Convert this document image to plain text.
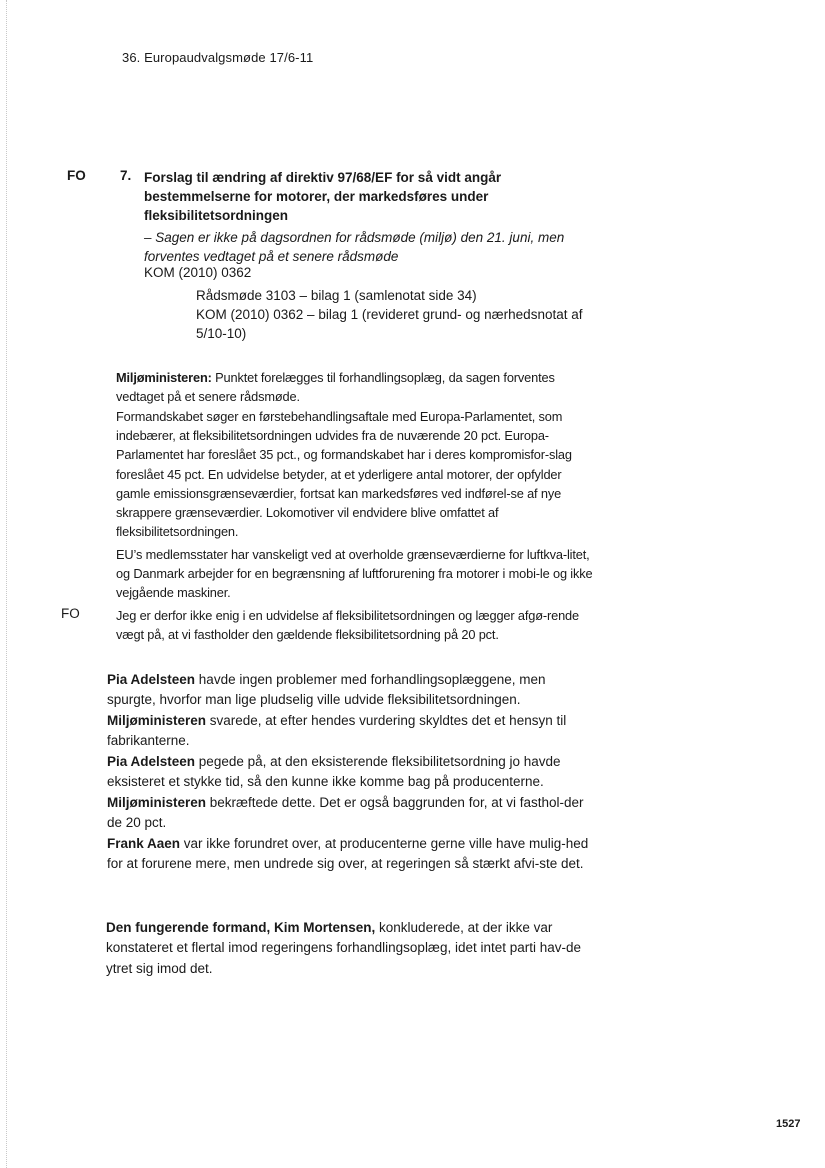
36. Europaudvalgsmøde 17/6-11
FO	7. Forslag til ændring af direktiv 97/68/EF for så vidt angår bestemmelserne for motorer, der markedsføres under fleksibilitetsordningen
– Sagen er ikke på dagsordnen for rådsmøde (miljø) den 21. juni, men forventes vedtaget på et senere rådsmøde
KOM (2010) 0362
Rådsmøde 3103 – bilag 1 (samlenotat side 34)
KOM (2010) 0362 – bilag 1 (revideret grund- og nærhedsnotat af 5/10-10)
Miljøministeren: Punktet forelægges til forhandlingsoplæg, da sagen forventes vedtaget på et senere rådsmøde.
Formandskabet søger en førstebehandlingsaftale med Europa-Parlamentet, som indebærer, at fleksibilitetsordningen udvides fra de nuværende 20 pct. Europa-Parlamentet har foreslået 35 pct., og formandskabet har i deres kompromisfor-slag foreslået 45 pct. En udvidelse betyder, at et yderligere antal motorer, der opfylder gamle emissionsgrænseværdier, fortsat kan markedsføres ved indførel-se af nye skrappere grænseværdier. Lokomotiver vil endvidere blive omfattet af fleksibilitetsordningen.
EU’s medlemsstater har vanskeligt ved at overholde grænseværdierne for luftkva-litet, og Danmark arbejder for en begrænsning af luftforurening fra motorer i mobi-le og ikke vejgående maskiner.
FO	Jeg er derfor ikke enig i en udvidelse af fleksibilitetsordningen og lægger afgø-rende vægt på, at vi fastholder den gældende fleksibilitetsordning på 20 pct.
Pia Adelsteen havde ingen problemer med forhandlingsoplæggene, men spurgte, hvorfor man lige pludselig ville udvide fleksibilitetsordningen.
Miljøministeren svarede, at efter hendes vurdering skyldtes det et hensyn til fabrikanterne.
Pia Adelsteen pegede på, at den eksisterende fleksibilitetsordning jo havde eksisteret et stykke tid, så den kunne ikke komme bag på producenterne.
Miljøministeren bekræftede dette. Det er også baggrunden for, at vi fasthol-der de 20 pct.
Frank Aaen var ikke forundret over, at producenterne gerne ville have mulig-hed for at forurene mere, men undrede sig over, at regeringen så stærkt afvi-ste det.
Den fungerende formand, Kim Mortensen, konkluderede, at der ikke var konstateret et flertal imod regeringens forhandlingsoplæg, idet intet parti hav-de ytret sig imod det.
1527
